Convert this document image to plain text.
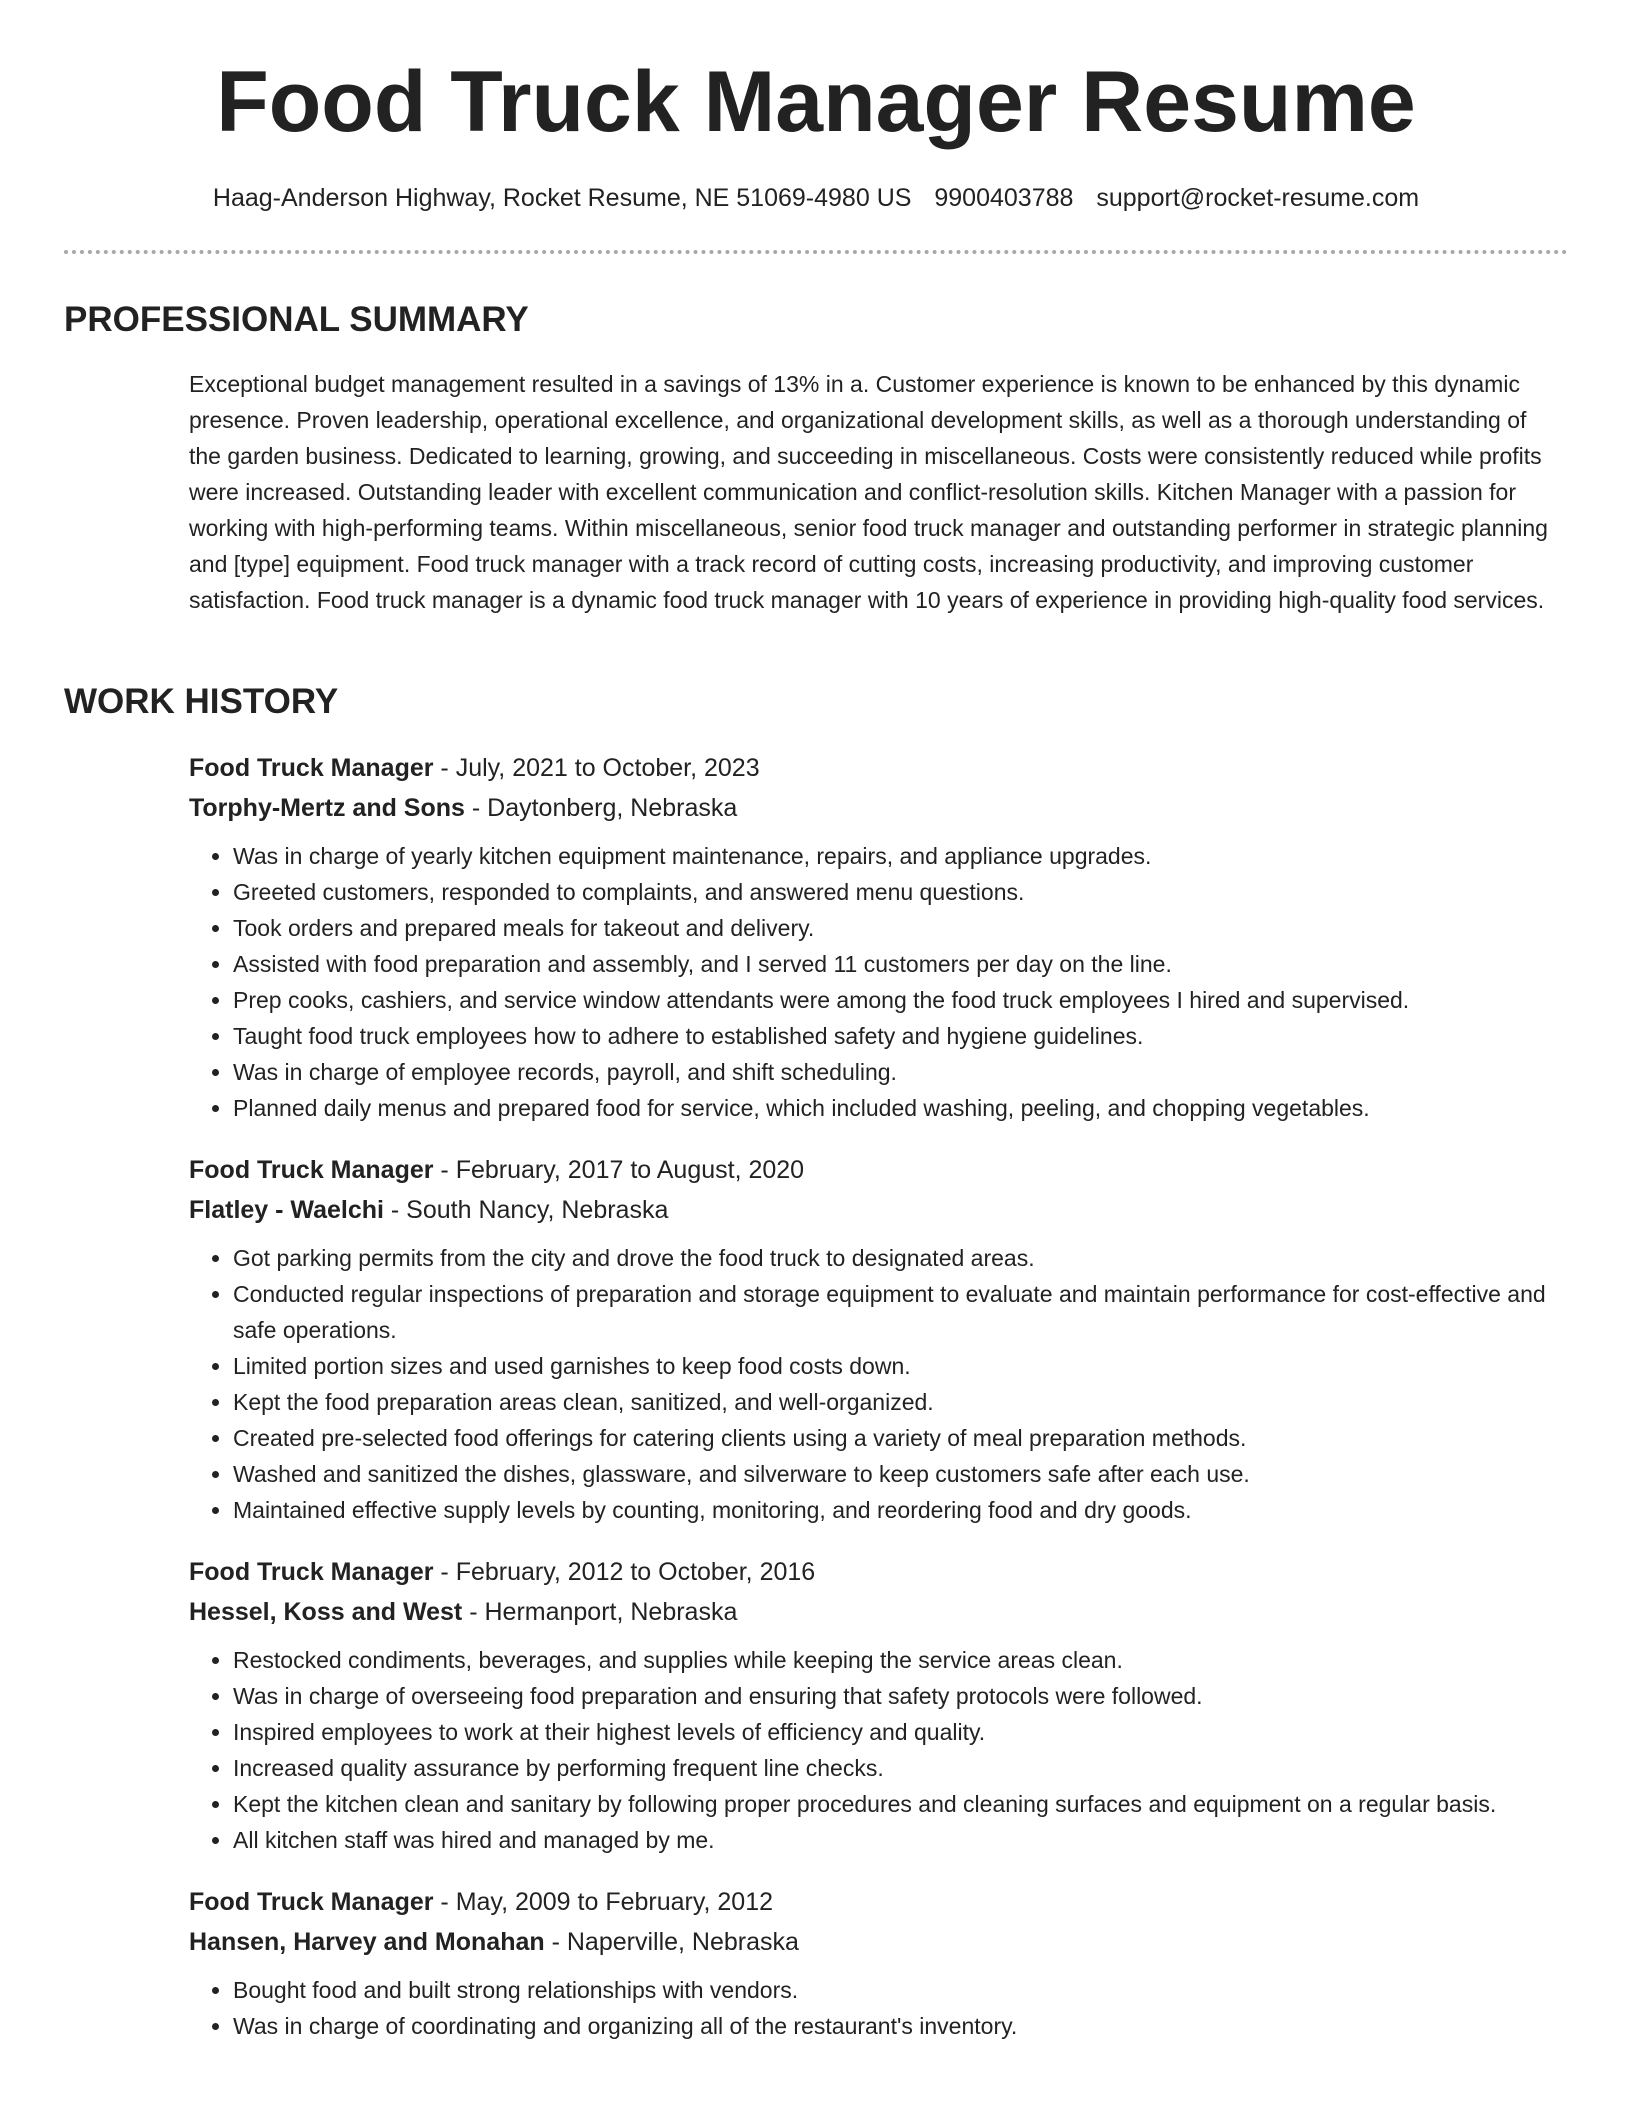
Food Truck Manager Resume
Haag-Anderson Highway, Rocket Resume, NE 51069-4980 US 9900403788 support@rocket-resume.com
PROFESSIONAL SUMMARY

Exceptional budget management resulted in a savings of 13% in a. Customer experience is known to be enhanced by this dynamic presence. Proven leadership, operational excellence, and organizational development skills, as well as a thorough understanding of the garden business. Dedicated to learning, growing, and succeeding in miscellaneous. Costs were consistently reduced while profits were increased. Outstanding leader with excellent communication and conflict-resolution skills. Kitchen Manager with a passion for working with high-performing teams. Within miscellaneous, senior food truck manager and outstanding performer in strategic planning and [type] equipment. Food truck manager with a track record of cutting costs, increasing productivity, and improving customer satisfaction. Food truck manager is a dynamic food truck manager with 10 years of experience in providing high-quality food services.

WORK HISTORY
Food Truck Manager - July, 2021 to October, 2023
Torphy-Mertz and Sons - Daytonberg, Nebraska
• Was in charge of yearly kitchen equipment maintenance, repairs, and appliance upgrades.
• Greeted customers, responded to complaints, and answered menu questions.
• Took orders and prepared meals for takeout and delivery.
• Assisted with food preparation and assembly, and I served 11 customers per day on the line.
• Prep cooks, cashiers, and service window attendants were among the food truck employees I hired and supervised.
• Taught food truck employees how to adhere to established safety and hygiene guidelines.
• Was in charge of employee records, payroll, and shift scheduling.
• Planned daily menus and prepared food for service, which included washing, peeling, and chopping vegetables.
Food Truck Manager - February, 2017 to August, 2020
Flatley - Waelchi - South Nancy, Nebraska
• Got parking permits from the city and drove the food truck to designated areas.
• Conducted regular inspections of preparation and storage equipment to evaluate and maintain performance for cost-effective and safe operations.
• Limited portion sizes and used garnishes to keep food costs down.
• Kept the food preparation areas clean, sanitized, and well-organized.
• Created pre-selected food offerings for catering clients using a variety of meal preparation methods.
• Washed and sanitized the dishes, glassware, and silverware to keep customers safe after each use.
• Maintained effective supply levels by counting, monitoring, and reordering food and dry goods.
Food Truck Manager - February, 2012 to October, 2016
Hessel, Koss and West - Hermanport, Nebraska
• Restocked condiments, beverages, and supplies while keeping the service areas clean.
• Was in charge of overseeing food preparation and ensuring that safety protocols were followed.
• Inspired employees to work at their highest levels of efficiency and quality.
• Increased quality assurance by performing frequent line checks.
• Kept the kitchen clean and sanitary by following proper procedures and cleaning surfaces and equipment on a regular basis.
• All kitchen staff was hired and managed by me.
Food Truck Manager - May, 2009 to February, 2012
Hansen, Harvey and Monahan - Naperville, Nebraska
• Bought food and built strong relationships with vendors.
• Was in charge of coordinating and organizing all of the restaurant's inventory.
